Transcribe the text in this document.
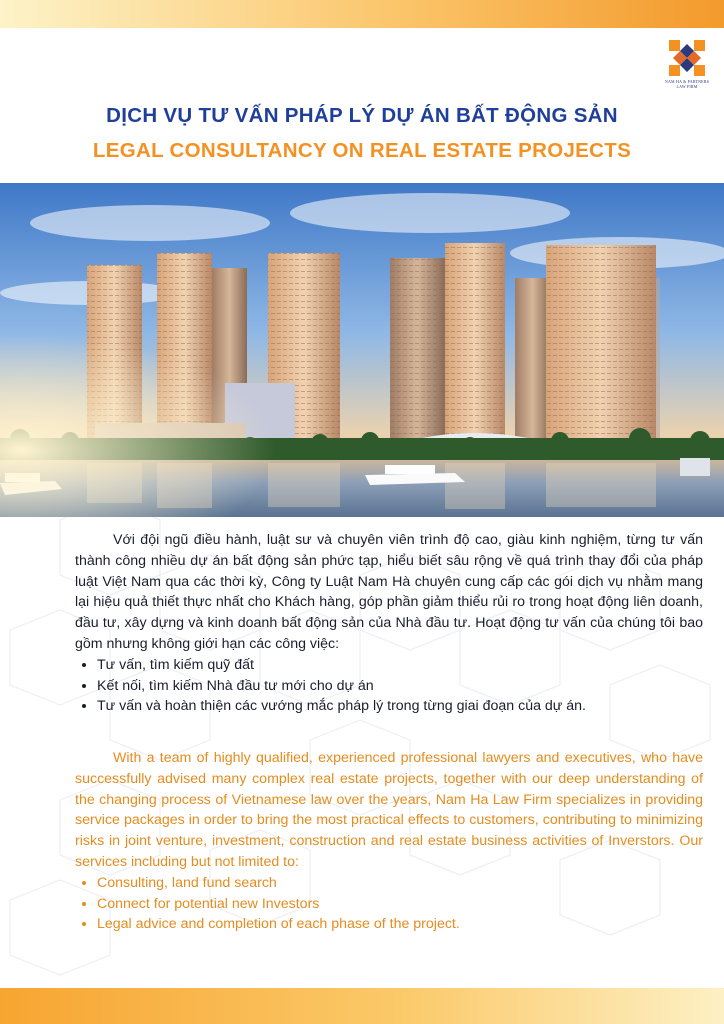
NAM HA & PARTNERS
LAW FIRM
DỊCH VỤ TƯ VẤN PHÁP LÝ DỰ ÁN BẤT ĐỘNG SẢN
LEGAL CONSULTANCY ON REAL ESTATE PROJECTS

Với đội ngũ điều hành, luật sư và chuyên viên trình độ cao, giàu kinh nghiệm, từng tư vấn thành công nhiều dự án bất động sản phức tạp, hiểu biết sâu rộng về quá trình thay đổi của pháp luật Việt Nam qua các thời kỳ, Công ty Luật Nam Hà chuyên cung cấp các gói dịch vụ nhằm mang lại hiệu quả thiết thực nhất cho Khách hàng, góp phần giảm thiểu rủi ro trong hoạt động liên doanh, đầu tư, xây dựng và kinh doanh bất động sản của Nhà đầu tư. Hoạt động tư vấn của chúng tôi bao gồm nhưng không giới hạn các công việc:

• Tư vấn, tìm kiếm quỹ đất
• Kết nối, tìm kiếm Nhà đầu tư mới cho dự án
• Tư vấn và hoàn thiện các vướng mắc pháp lý trong từng giai đoạn của dự án.

With a team of highly qualified, experienced professional lawyers and executives, who have successfully advised many complex real estate projects, together with our deep understanding of the changing process of Vietnamese law over the years, Nam Ha Law Firm specializes in providing service packages in order to bring the most practical effects to customers, contributing to minimizing risks in joint venture, investment, construction and real estate business activities of Inverstors. Our services including but not limited to:

• Consulting, land fund search
• Connect for potential new Investors
• Legal advice and completion of each phase of the project.
